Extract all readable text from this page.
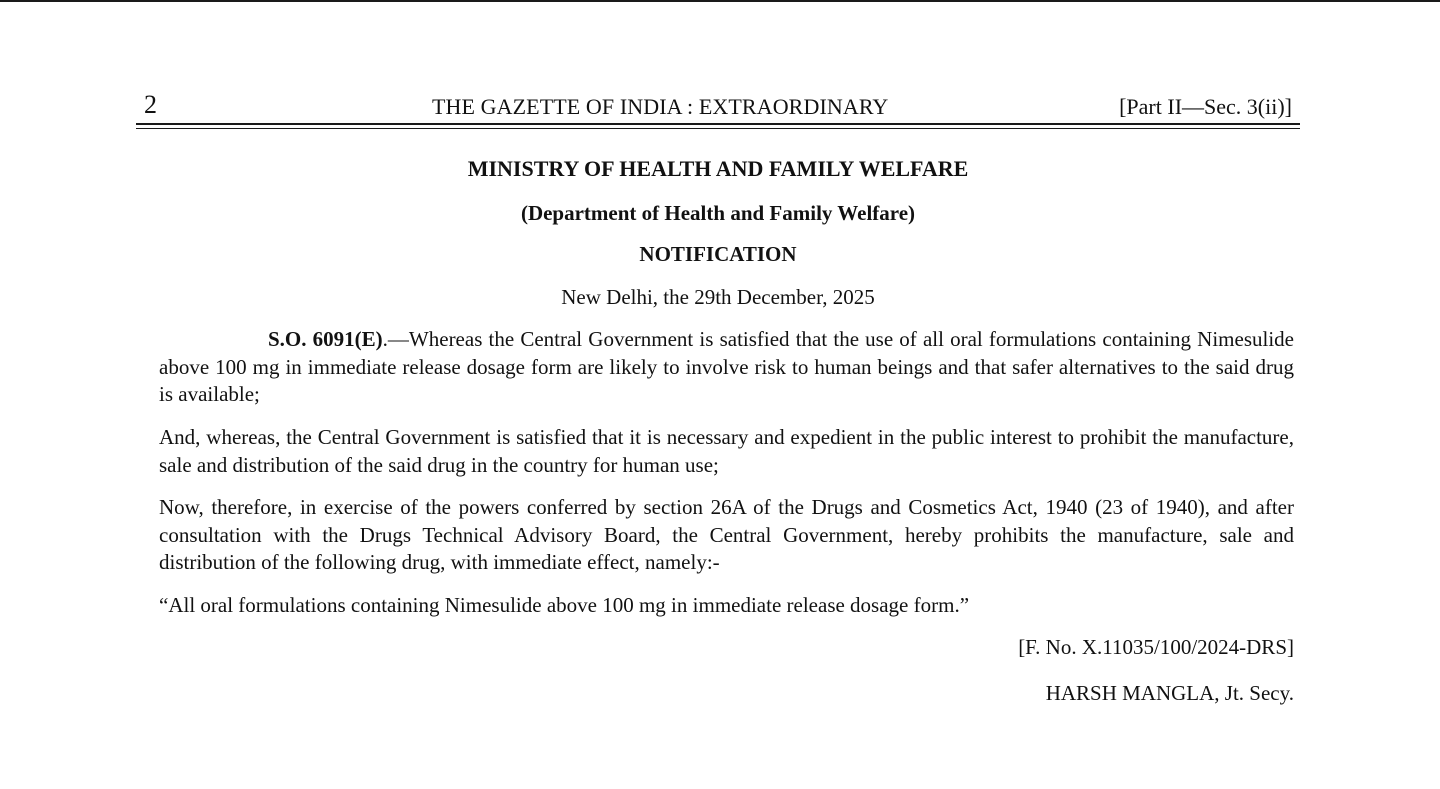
2	THE GAZETTE OF INDIA : EXTRAORDINARY	[Part II—Sec. 3(ii)]
MINISTRY OF HEALTH AND FAMILY WELFARE
(Department of Health and Family Welfare)
NOTIFICATION
New Delhi, the 29th December, 2025

S.O. 6091(E).—Whereas the Central Government is satisfied that the use of all oral formulations containing Nimesulide above 100 mg in immediate release dosage form are likely to involve risk to human beings and that safer alternatives to the said drug is available;

And, whereas, the Central Government is satisfied that it is necessary and expedient in the public interest to prohibit the manufacture, sale and distribution of the said drug in the country for human use;

Now, therefore, in exercise of the powers conferred by section 26A of the Drugs and Cosmetics Act, 1940 (23 of 1940), and after consultation with the Drugs Technical Advisory Board, the Central Government, hereby prohibits the manufacture, sale and distribution of the following drug, with immediate effect, namely:-

“All oral formulations containing Nimesulide above 100 mg in immediate release dosage form.”

[F. No. X.11035/100/2024-DRS]
HARSH MANGLA, Jt. Secy.
